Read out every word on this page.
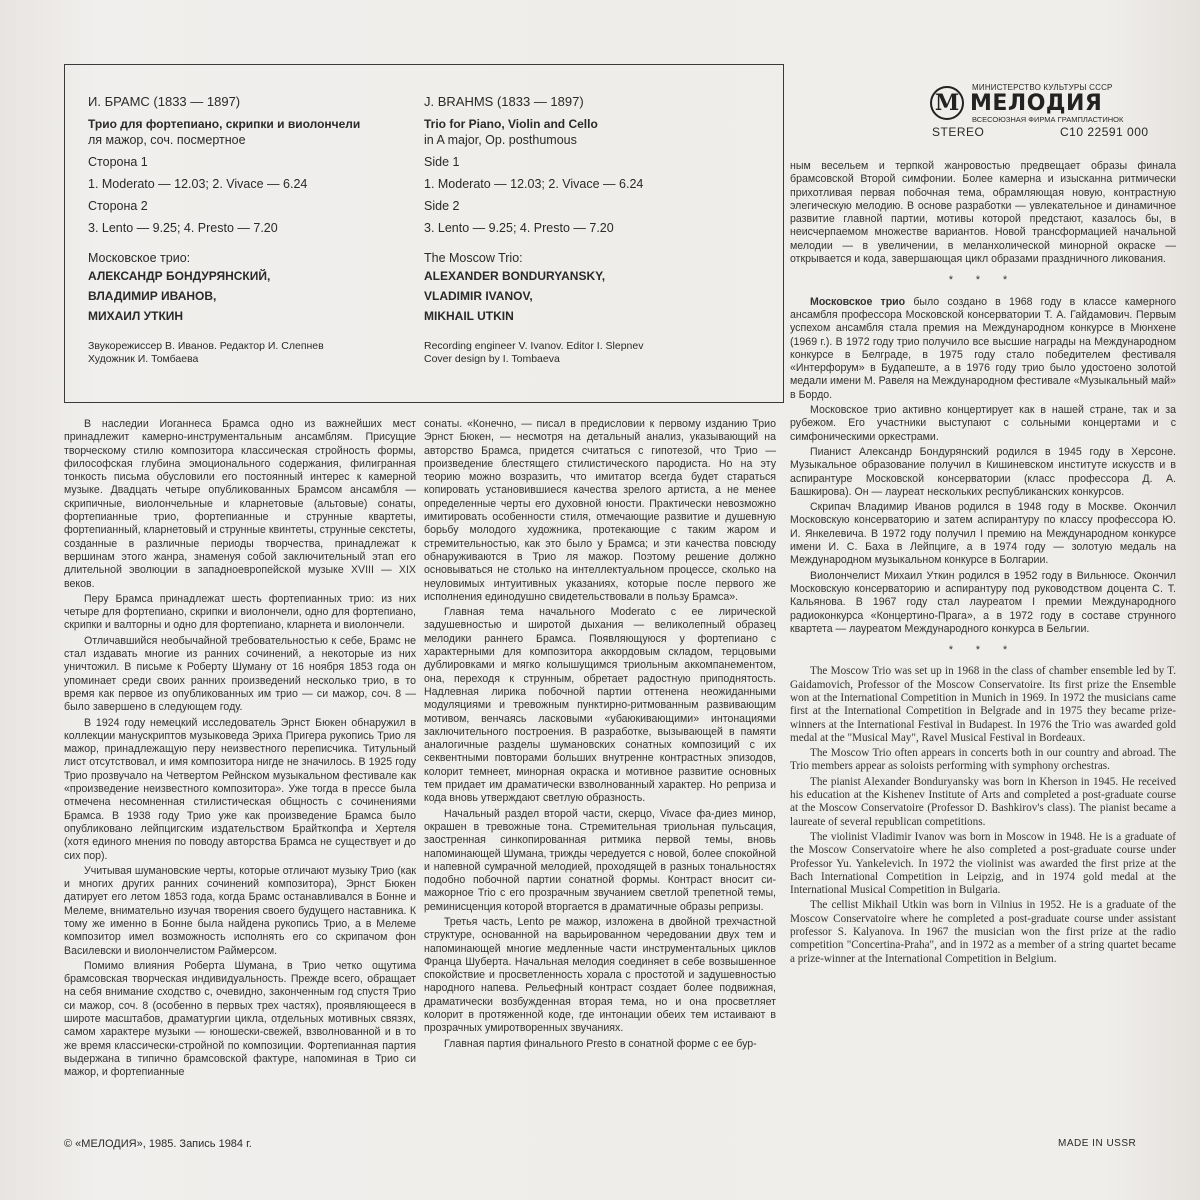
И. БРАМС (1833 — 1897)

Трио для фортепиано, скрипки и виолончели

ля мажор, соч. посмертное

Сторона 1

1. Moderato — 12.03; 2. Vivace — 6.24

Сторона 2

3. Lento — 9.25; 4. Presto — 7.20

Московское трио:

АЛЕКСАНДР БОНДУРЯНСКИЙ,

ВЛАДИМИР ИВАНОВ,

МИХАИЛ УТКИН

Звукорежиссер В. Иванов. Редактор И. Слепнев

Художник И. Томбаева

J. BRAHMS (1833 — 1897)

Trio for Piano, Violin and Cello

in A major, Op. posthumous

Side 1

1. Moderato — 12.03; 2. Vivace — 6.24

Side 2

3. Lento — 9.25; 4. Presto — 7.20

The Moscow Trio:

ALEXANDER BONDURYANSKY,

VLADIMIR IVANOV,

MIKHAIL UTKIN

Recording engineer V. Ivanov. Editor I. Slepnev

Cover design by I. Tombaeva

М
МИНИСТЕРСТВО КУЛЬТУРЫ СССР
МЕЛОДИЯ
ВСЕСОЮЗНАЯ ФИРМА ГРАМПЛАСТИНОК
STEREO	С10 22591 000

ным весельем и терпкой жанровостью предвещает образы финала брамсовской Второй симфонии. Более камерна и изысканна ритмически прихотливая первая побочная тема, обрамляющая новую, контрастную элегическую мелодию. В основе разработки — увлекательное и динамичное развитие главной партии, мотивы которой предстают, казалось бы, в неисчерпаемом множестве вариантов. Новой трансформацией начальной мелодии — в увеличении, в меланхолической минорной окраске — открывается и кода, завершающая цикл образами праздничного ликования.

* * *

Московское трио было создано в 1968 году в классе камерного ансамбля профессора Московской консерватории Т. А. Гайдамович. Первым успехом ансамбля стала премия на Международном конкурсе в Мюнхене (1969 г.). В 1972 году трио получило все высшие награды на Международном конкурсе в Белграде, в 1975 году стало победителем фестиваля «Интерфорум» в Будапеште, а в 1976 году трио было удостоено золотой медали имени М. Равеля на Международном фестивале «Музыкальный май» в Бордо.

Московское трио активно концертирует как в нашей стране, так и за рубежом. Его участники выступают с сольными концертами и с симфоническими оркестрами.

Пианист Александр Бондурянский родился в 1945 году в Херсоне. Музыкальное образование получил в Кишиневском институте искусств и в аспирантуре Московской консерватории (класс профессора Д. А. Башкирова). Он — лауреат нескольких республиканских конкурсов.

Скрипач Владимир Иванов родился в 1948 году в Москве. Окончил Московскую консерваторию и затем аспирантуру по классу профессора Ю. И. Янкелевича. В 1972 году получил I премию на Международном конкурсе имени И. С. Баха в Лейпциге, а в 1974 году — золотую медаль на Международном музыкальном конкурсе в Болгарии.

Виолончелист Михаил Уткин родился в 1952 году в Вильнюсе. Окончил Московскую консерваторию и аспирантуру под руководством доцента С. Т. Кальянова. В 1967 году стал лауреатом I премии Международного радиоконкурса «Концертино-Прага», а в 1972 году в составе струнного квартета — лауреатом Международного конкурса в Бельгии.

* * *

The Moscow Trio was set up in 1968 in the class of chamber ensemble led by T. Gaidamovich, Professor of the Moscow Conservatoire. Its first prize the Ensemble won at the International Competition in Munich in 1969. In 1972 the musicians came first at the International Competition in Belgrade and in 1975 they became prize-winners at the International Festival in Budapest. In 1976 the Trio was awarded gold medal at the "Musical May", Ravel Musical Festival in Bordeaux.

The Moscow Trio often appears in concerts both in our country and abroad. The Trio members appear as soloists performing with symphony orchestras.

The pianist Alexander Bonduryansky was born in Kherson in 1945. He received his education at the Kishenev Institute of Arts and completed a post-graduate course at the Moscow Conservatoire (Professor D. Bashkirov's class). The pianist became a laureate of several republican competitions.

The violinist Vladimir Ivanov was born in Moscow in 1948. He is a graduate of the Moscow Conservatoire where he also completed a post-graduate course under Professor Yu. Yankelevich. In 1972 the violinist was awarded the first prize at the Bach International Competition in Leipzig, and in 1974 gold medal at the International Musical Competition in Bulgaria.

The cellist Mikhail Utkin was born in Vilnius in 1952. He is a graduate of the Moscow Conservatoire where he completed a post-graduate course under assistant professor S. Kalyanova. In 1967 the musician won the first prize at the radio competition "Concertina-Praha", and in 1972 as a member of a string quartet became a prize-winner at the International Competition in Belgium.

В наследии Иоганнеса Брамса одно из важнейших мест принадлежит камерно-инструментальным ансамблям. Присущие творческому стилю композитора классическая стройность формы, философская глубина эмоционального содержания, филигранная тонкость письма обусловили его постоянный интерес к камерной музыке. Двадцать четыре опубликованных Брамсом ансамбля — скрипичные, виолончельные и кларнетовые (альтовые) сонаты, фортепианные трио, фортепианные и струнные квартеты, фортепианный, кларнетовый и струнные квинтеты, струнные секстеты, созданные в различные периоды творчества, принадлежат к вершинам этого жанра, знаменуя собой заключительный этап его длительной эволюции в западноевропейской музыке XVIII — XIX веков.

Перу Брамса принадлежат шесть фортепианных трио: из них четыре для фортепиано, скрипки и виолончели, одно для фортепиано, скрипки и валторны и одно для фортепиано, кларнета и виолончели.

Отличавшийся необычайной требовательностью к себе, Брамс не стал издавать многие из ранних сочинений, а некоторые из них уничтожил. В письме к Роберту Шуману от 16 ноября 1853 года он упоминает среди своих ранних произведений несколько трио, в то время как первое из опубликованных им трио — си мажор, соч. 8 — было завершено в следующем году.

В 1924 году немецкий исследователь Эрнст Бюкен обнаружил в коллекции манускриптов музыковеда Эриха Пригера рукопись Трио ля мажор, принадлежащую перу неизвестного переписчика. Титульный лист отсутствовал, и имя композитора нигде не значилось. В 1925 году Трио прозвучало на Четвертом Рейнском музыкальном фестивале как «произведение неизвестного композитора». Уже тогда в прессе была отмечена несомненная стилистическая общность с сочинениями Брамса. В 1938 году Трио уже как произведение Брамса было опубликовано лейпцигским издательством Брайткопфа и Хертеля (хотя единого мнения по поводу авторства Брамса не существует и до сих пор).

Учитывая шумановские черты, которые отличают музыку Трио (как и многих других ранних сочинений композитора), Эрнст Бюкен датирует его летом 1853 года, когда Брамс останавливался в Бонне и Мелеме, внимательно изучая творения своего будущего наставника. К тому же именно в Бонне была найдена рукопись Трио, а в Мелеме композитор имел возможность исполнять его со скрипачом фон Василевски и виолончелистом Раймерсом.

Помимо влияния Роберта Шумана, в Трио четко ощутима брамсовская творческая индивидуальность. Прежде всего, обращает на себя внимание сходство с, очевидно, законченным год спустя Трио си мажор, соч. 8 (особенно в первых трех частях), проявляющееся в широте масштабов, драматургии цикла, отдельных мотивных связях, самом характере музыки — юношески-свежей, взволнованной и в то же время классически-стройной по композиции. Фортепианная партия выдержана в типично брамсовской фактуре, напоминая в Трио си мажор, и фортепианные

сонаты. «Конечно, — писал в предисловии к первому изданию Трио Эрнст Бюкен, — несмотря на детальный анализ, указывающий на авторство Брамса, придется считаться с гипотезой, что Трио — произведение блестящего стилистического пародиста. Но на эту теорию можно возразить, что имитатор всегда будет стараться копировать установившиеся качества зрелого артиста, а не менее определенные черты его духовной юности. Практически невозможно имитировать особенности стиля, отмечающие развитие и душевную борьбу молодого художника, протекающие с таким жаром и стремительностью, как это было у Брамса; и эти качества повсюду обнаруживаются в Трио ля мажор. Поэтому решение должно основываться не столько на интеллектуальном процессе, сколько на неуловимых интуитивных указаниях, которые после первого же исполнения единодушно свидетельствовали в пользу Брамса».

Главная тема начального Moderato с ее лирической задушевностью и широтой дыхания — великолепный образец мелодики раннего Брамса. Появляющуюся у фортепиано с характерными для композитора аккордовым складом, терцовыми дублировками и мягко колышущимся триольным аккомпанементом, она, переходя к струнным, обретает радостную приподнятость. Надлевная лирика побочной партии оттенена неожиданными модуляциями и тревожным пунктирно-ритмованным развивающим мотивом, венчаясь ласковыми «убаюкивающими» интонациями заключительного построения. В разработке, вызывающей в памяти аналогичные разделы шумановских сонатных композиций с их секвентными повторами больших внутренне контрастных эпизодов, колорит темнеет, минорная окраска и мотивное развитие основных тем придает им драматически взволнованный характер. Но реприза и кода вновь утверждают светлую образность.

Начальный раздел второй части, скерцо, Vivace фа-диез минор, окрашен в тревожные тона. Стремительная триольная пульсация, заостренная синкопированная ритмика первой темы, вновь напоминающей Шумана, трижды чередуется с новой, более спокойной и напевной сумрачной мелодией, проходящей в разных тональностях подобно побочной партии сонатной формы. Контраст вносит си-мажорное Trio с его прозрачным звучанием светлой трепетной темы, реминисценция которой вторгается в драматичные образы репризы.

Третья часть, Lento ре мажор, изложена в двойной трехчастной структуре, основанной на варьированном чередовании двух тем и напоминающей многие медленные части инструментальных циклов Франца Шуберта. Начальная мелодия соединяет в себе возвышенное спокойствие и просветленность хорала с простотой и задушевностью народного напева. Рельефный контраст создает более подвижная, драматически возбужденная вторая тема, но и она просветляет колорит в протяженной коде, где интонации обеих тем истаивают в прозрачных умиротворенных звучаниях.

Главная партия финального Presto в сонатной форме с ее бур-

© «МЕЛОДИЯ», 1985. Запись 1984 г.	MADE IN USSR
